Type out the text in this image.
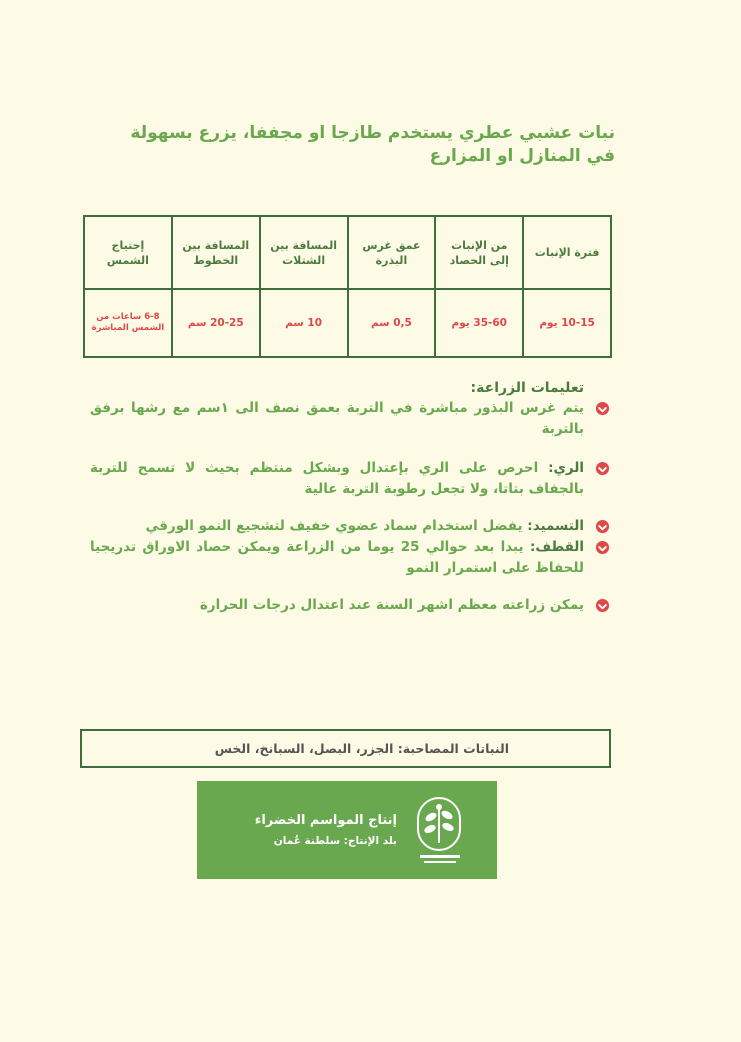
نبات عشبي عطري يستخدم طازجا او مجففا، يزرع بسهولة

في المنازل او المزارع

فترة الإنبات	من الإنبات إلى الحصاد	عمق غرس البذرة	المسافة بين الشتلات	المسافة بين الخطوط	إحتياج الشمس
10-15 يوم	35-60 يوم	0,5 سم	10 سم	20-25 سم	6-8 ساعات من الشمس المباشرة
تعليمات الزراعة:
يتم غرس البذور مباشرة في التربة بعمق نصف الى ١سم مع رشها برفق بالتربة
الري: احرص على الري بإعتدال وبشكل منتظم بحيث لا تسمح للتربة بالجفاف بتاتا، ولا تجعل رطوبة التربة عالية
التسميد: يفضل استخدام سماد عضوي خفيف لتشجيع النمو الورقي
القطف: يبدا بعد حوالي 25 يوما من الزراعة ويمكن حصاد الاوراق تدريجيا للحفاظ على استمرار النمو
يمكن زراعته معظم اشهر السنة عند اعتدال درجات الحرارة
النباتات المصاحبة: الجزر، البصل، السبانخ، الخس
إنتاج المواسم الخضراء
بلد الإنتاج: سلطنة عُمان
